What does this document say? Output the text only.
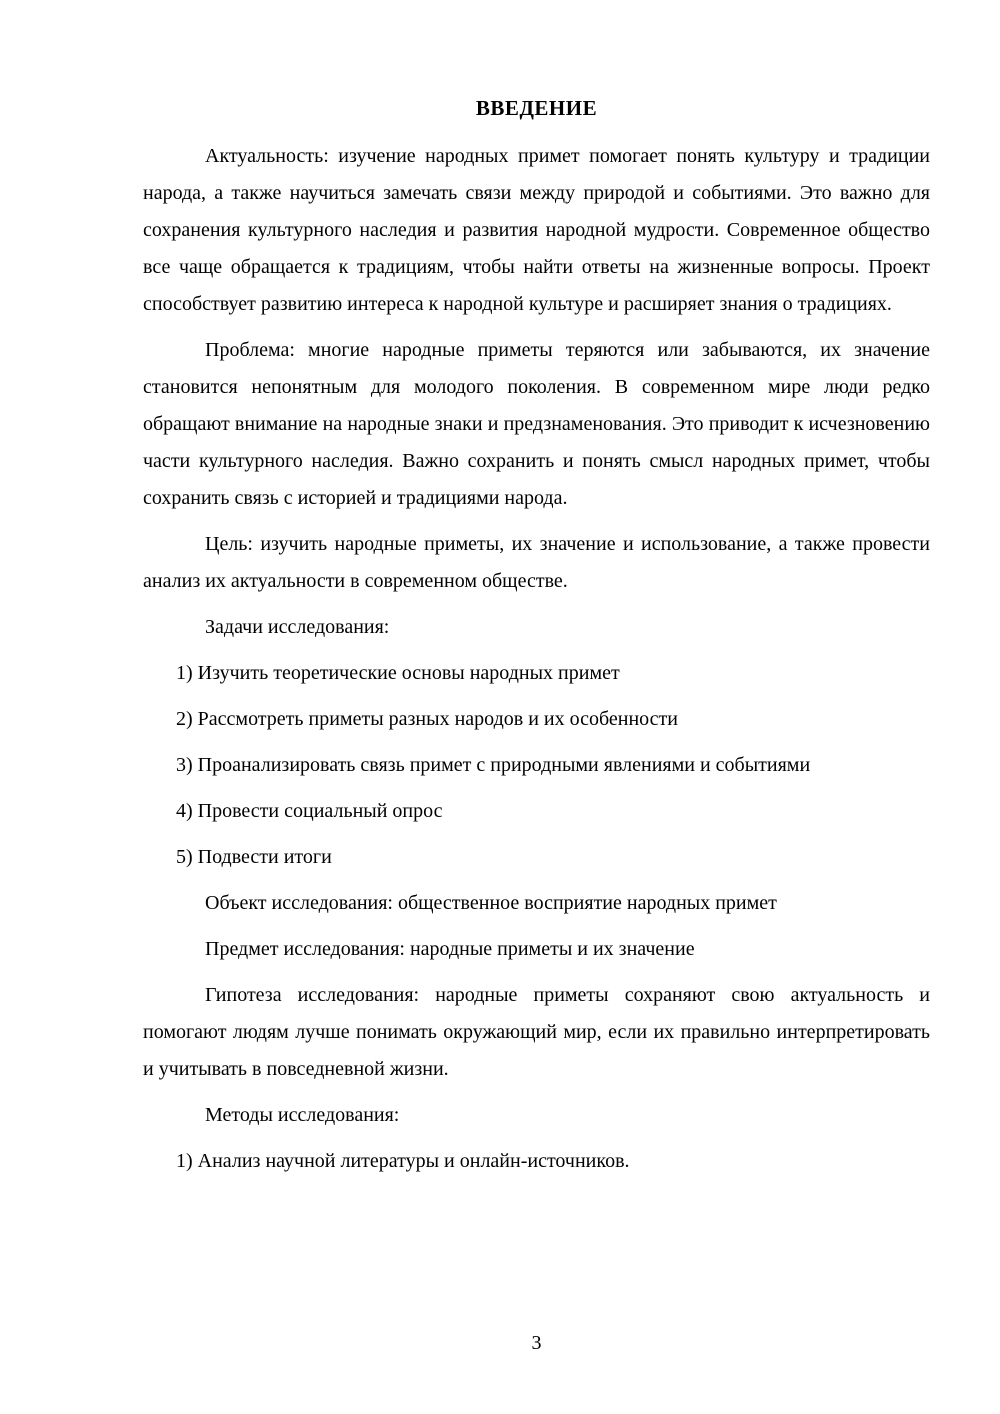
ВВЕДЕНИЕ

Актуальность: изучение народных примет помогает понять культуру и традиции народа, а также научиться замечать связи между природой и событиями. Это важно для сохранения культурного наследия и развития народной мудрости. Современное общество все чаще обращается к традициям, чтобы найти ответы на жизненные вопросы. Проект способствует развитию интереса к народной культуре и расширяет знания о традициях.

Проблема: многие народные приметы теряются или забываются, их значение становится непонятным для молодого поколения. В современном мире люди редко обращают внимание на народные знаки и предзнаменования. Это приводит к исчезновению части культурного наследия. Важно сохранить и понять смысл народных примет, чтобы сохранить связь с историей и традициями народа.

Цель: изучить народные приметы, их значение и использование, а также провести анализ их актуальности в современном обществе.

Задачи исследования:

1) Изучить теоретические основы народных примет

2) Рассмотреть приметы разных народов и их особенности

3) Проанализировать связь примет с природными явлениями и событиями

4) Провести социальный опрос

5) Подвести итоги

Объект исследования: общественное восприятие народных примет

Предмет исследования: народные приметы и их значение

Гипотеза исследования: народные приметы сохраняют свою актуальность и помогают людям лучше понимать окружающий мир, если их правильно интерпретировать и учитывать в повседневной жизни.

Методы исследования:

1) Анализ научной литературы и онлайн-источников.

3
